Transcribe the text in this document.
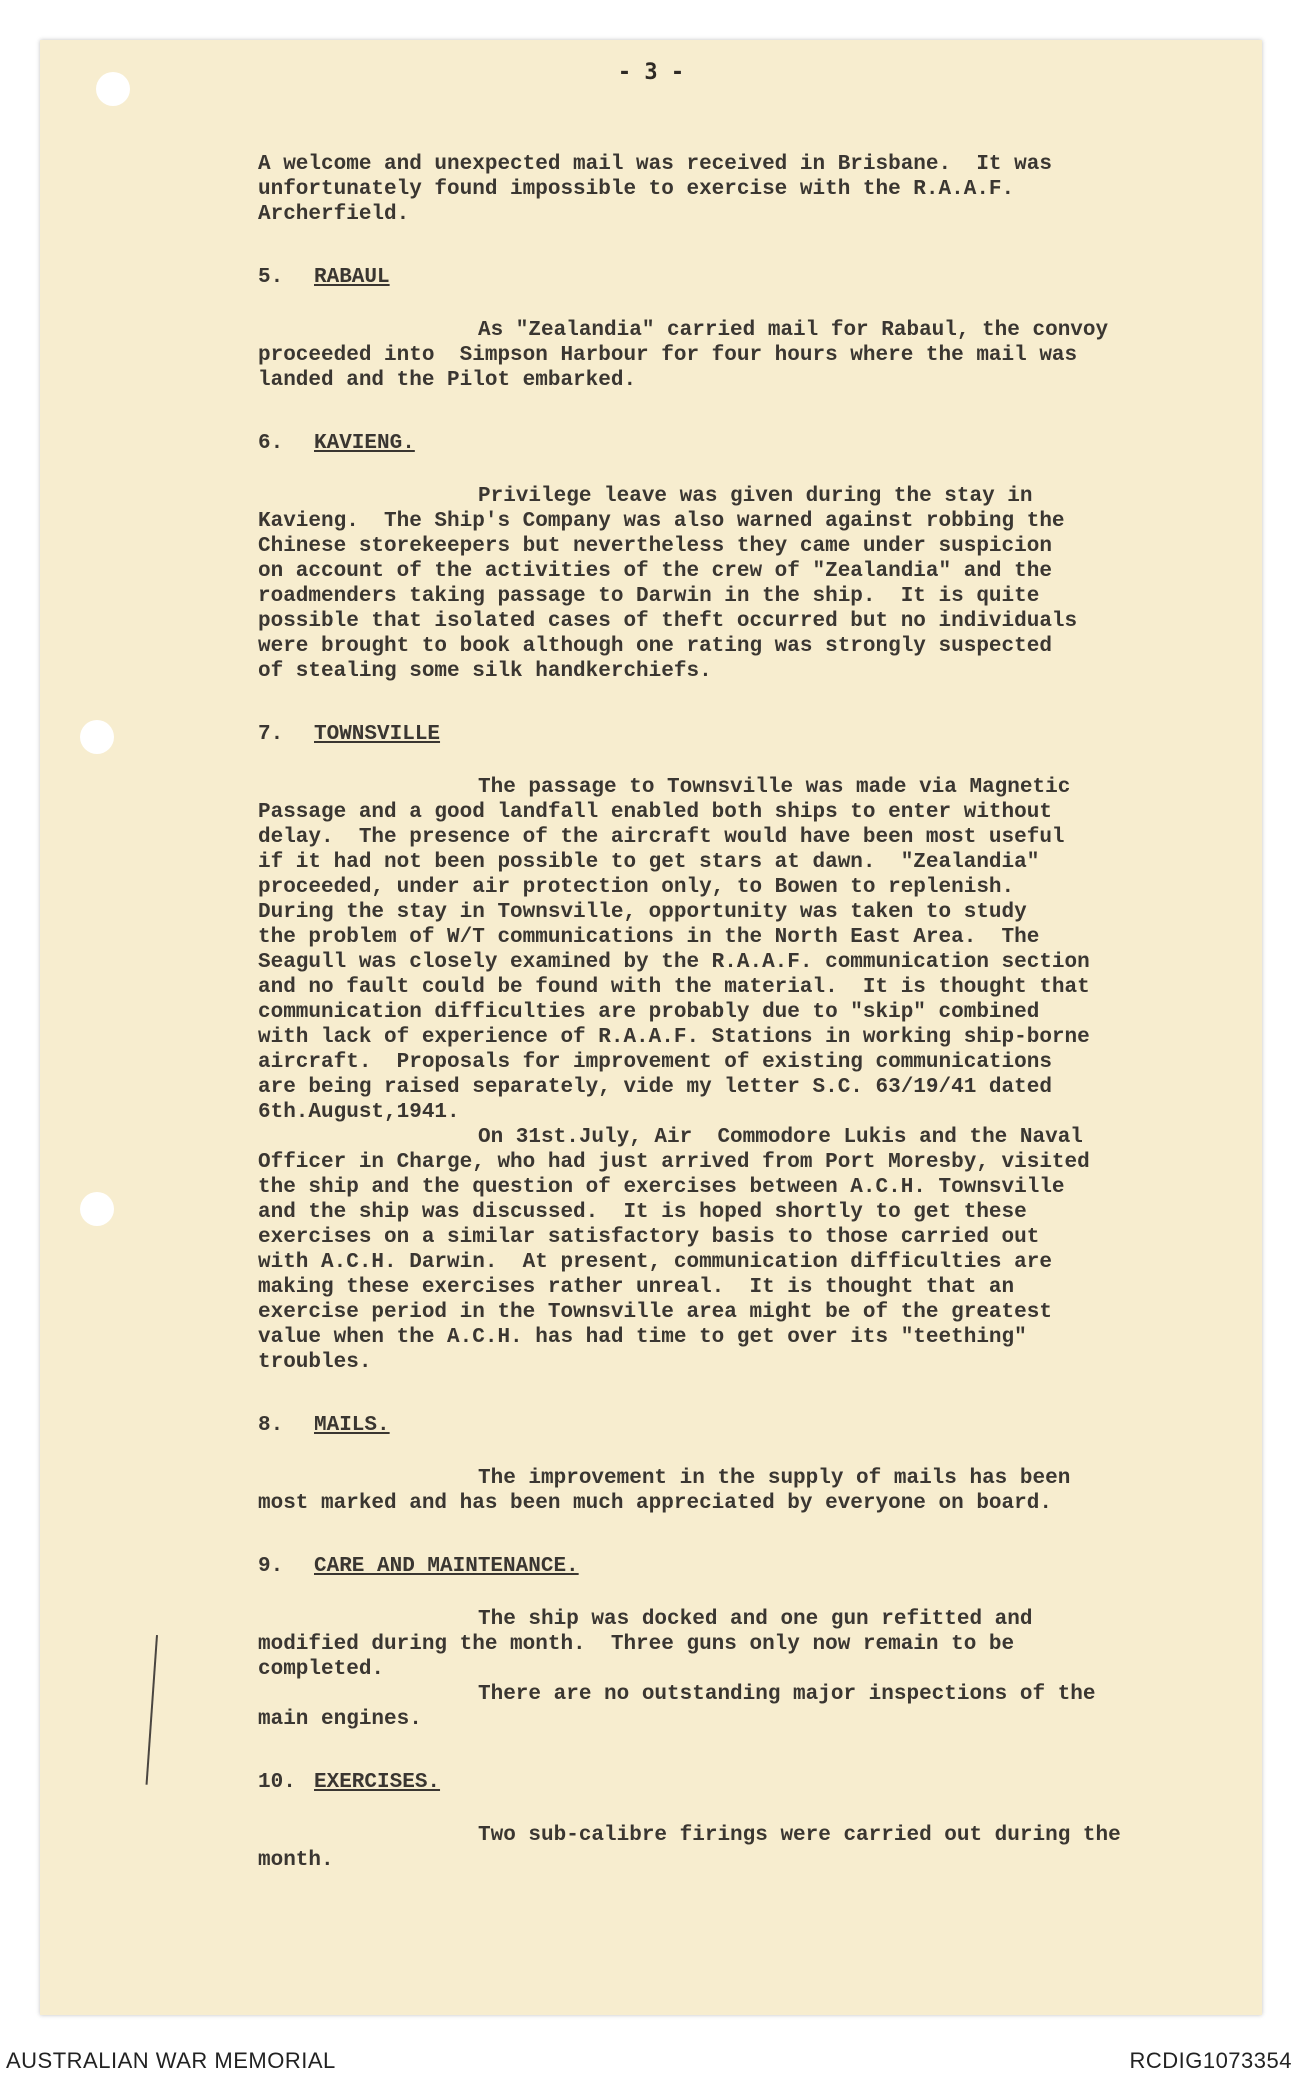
- 3 -

A welcome and unexpected mail was received in Brisbane.  It was
unfortunately found impossible to exercise with the R.A.A.F.
Archerfield.

5. RABAUL

As "Zealandia" carried mail for Rabaul, the convoy
proceeded into  Simpson Harbour for four hours where the mail was
landed and the Pilot embarked.

6. KAVIENG.

Privilege leave was given during the stay in
Kavieng.  The Ship's Company was also warned against robbing the
Chinese storekeepers but nevertheless they came under suspicion
on account of the activities of the crew of "Zealandia" and the
roadmenders taking passage to Darwin in the ship.  It is quite
possible that isolated cases of theft occurred but no individuals
were brought to book although one rating was strongly suspected
of stealing some silk handkerchiefs.

7. TOWNSVILLE

The passage to Townsville was made via Magnetic
Passage and a good landfall enabled both ships to enter without
delay.  The presence of the aircraft would have been most useful
if it had not been possible to get stars at dawn.  "Zealandia"
proceeded, under air protection only, to Bowen to replenish.
During the stay in Townsville, opportunity was taken to study
the problem of W/T communications in the North East Area.  The
Seagull was closely examined by the R.A.A.F. communication section
and no fault could be found with the material.  It is thought that
communication difficulties are probably due to "skip" combined
with lack of experience of R.A.A.F. Stations in working ship-borne
aircraft.  Proposals for improvement of existing communications
are being raised separately, vide my letter S.C. 63/19/41 dated
6th.August,1941.

On 31st.July, Air  Commodore Lukis and the Naval
Officer in Charge, who had just arrived from Port Moresby, visited
the ship and the question of exercises between A.C.H. Townsville
and the ship was discussed.  It is hoped shortly to get these
exercises on a similar satisfactory basis to those carried out
with A.C.H. Darwin.  At present, communication difficulties are
making these exercises rather unreal.  It is thought that an
exercise period in the Townsville area might be of the greatest
value when the A.C.H. has had time to get over its "teething"
troubles.

8. MAILS.

The improvement in the supply of mails has been
most marked and has been much appreciated by everyone on board.

9. CARE AND MAINTENANCE.

The ship was docked and one gun refitted and
modified during the month.  Three guns only now remain to be
completed.

There are no outstanding major inspections of the
main engines.

10. EXERCISES.

Two sub-calibre firings were carried out during the
month.

AUSTRALIAN WAR MEMORIAL	RCDIG1073354
